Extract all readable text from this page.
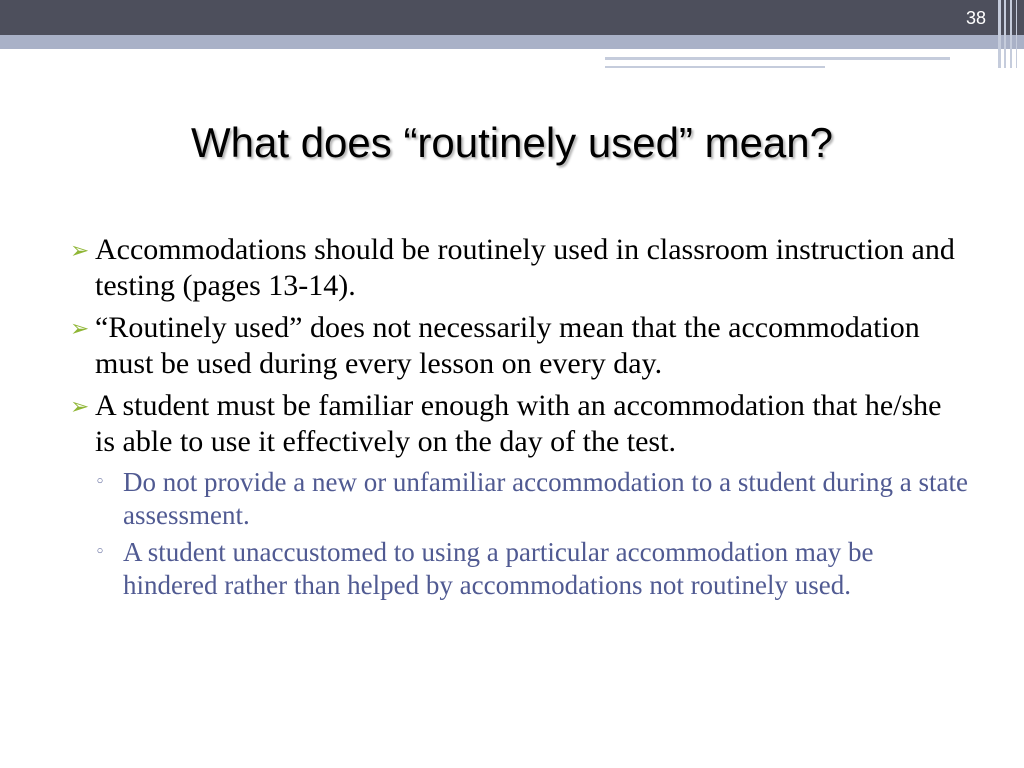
38
What does “routinely used” mean?
➢ Accommodations should be routinely used in classroom instruction and testing (pages 13-14).
➢ “Routinely used” does not necessarily mean that the accommodation must be used during every lesson on every day.
➢ A student must be familiar enough with an accommodation that he/she is able to use it effectively on the day of the test.
◦ Do not provide a new or unfamiliar accommodation to a student during a state assessment.
◦ A student unaccustomed to using a particular accommodation may be hindered rather than helped by accommodations not routinely used.
